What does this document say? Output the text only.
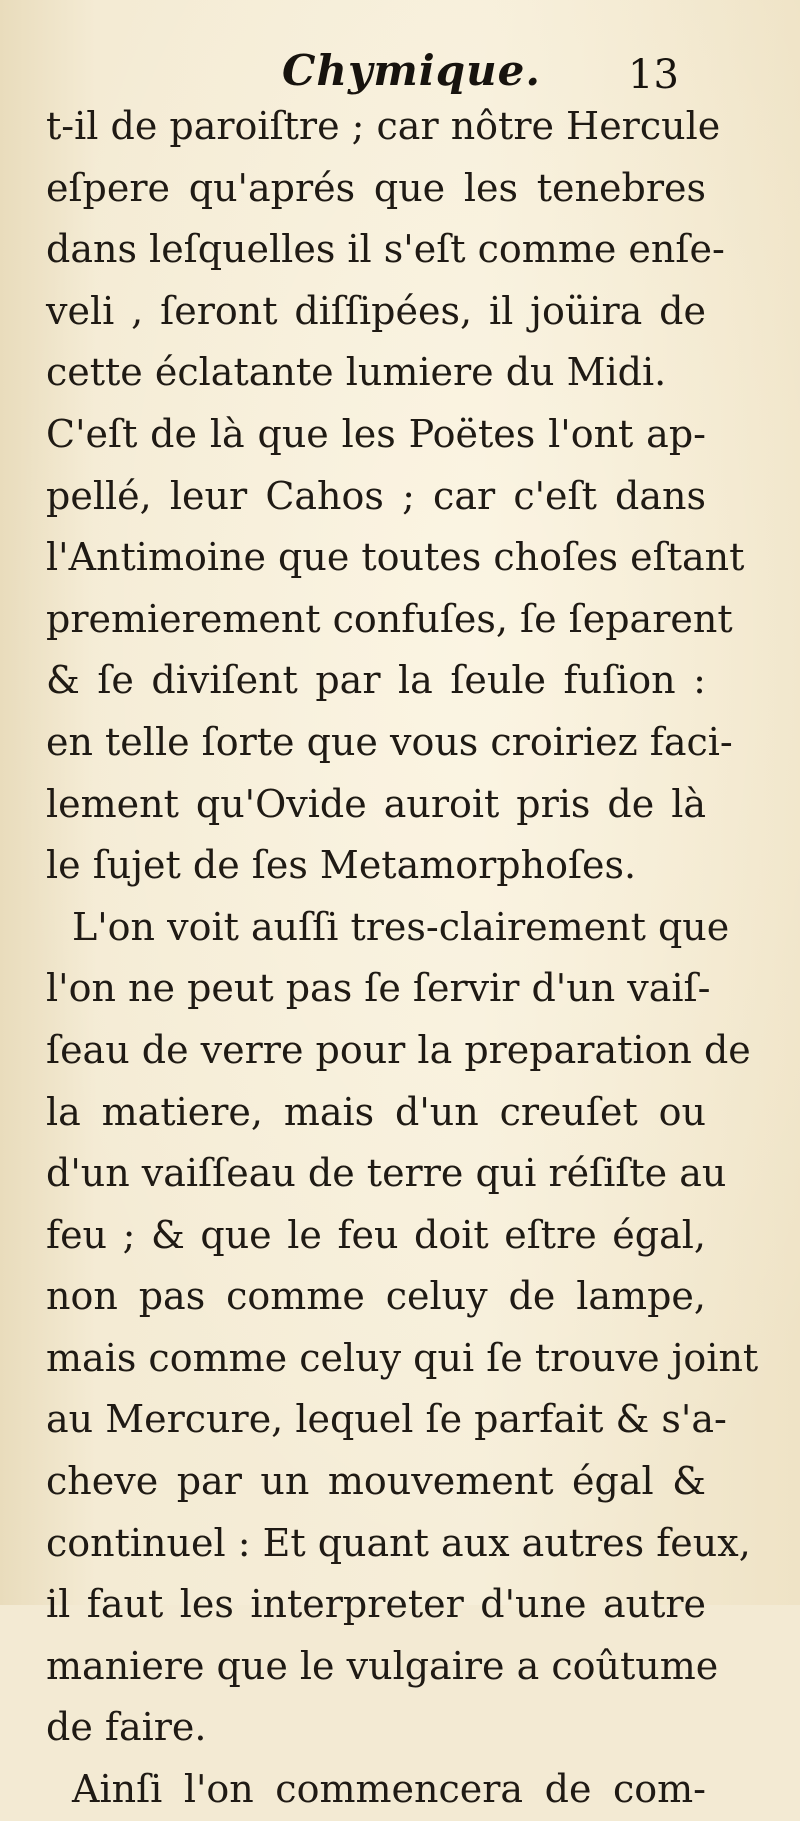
Chymique. 13
t-il de paroiſtre ; car nôtre Hercule
eſpere qu'aprés que les tenebres
dans leſquelles il s'eſt comme enſe-
veli , ſeront diſſipées, il joüira de
cette éclatante lumiere du Midi.
C'eſt de là que les Poëtes l'ont ap-
pellé, leur Cahos ; car c'eſt dans
l'Antimoine que toutes choſes eſtant
premierement confuſes, ſe ſeparent
& ſe diviſent par la ſeule fuſion :
en telle ſorte que vous croiriez faci-
lement qu'Ovide auroit pris de là
le ſujet de ſes Metamorphoſes.
L'on voit auſſi tres-clairement que
l'on ne peut pas ſe ſervir d'un vaiſ-
ſeau de verre pour la preparation de
la matiere, mais d'un creuſet ou
d'un vaiſſeau de terre qui réſiſte au
feu ; & que le feu doit eſtre égal,
non pas comme celuy de lampe,
mais comme celuy qui ſe trouve joint
au Mercure, lequel ſe parfait & s'a-
cheve par un mouvement égal &
continuel : Et quant aux autres feux,
il faut les interpreter d'une autre
maniere que le vulgaire a coûtume
de faire.
Ainſi l'on commencera de com-
